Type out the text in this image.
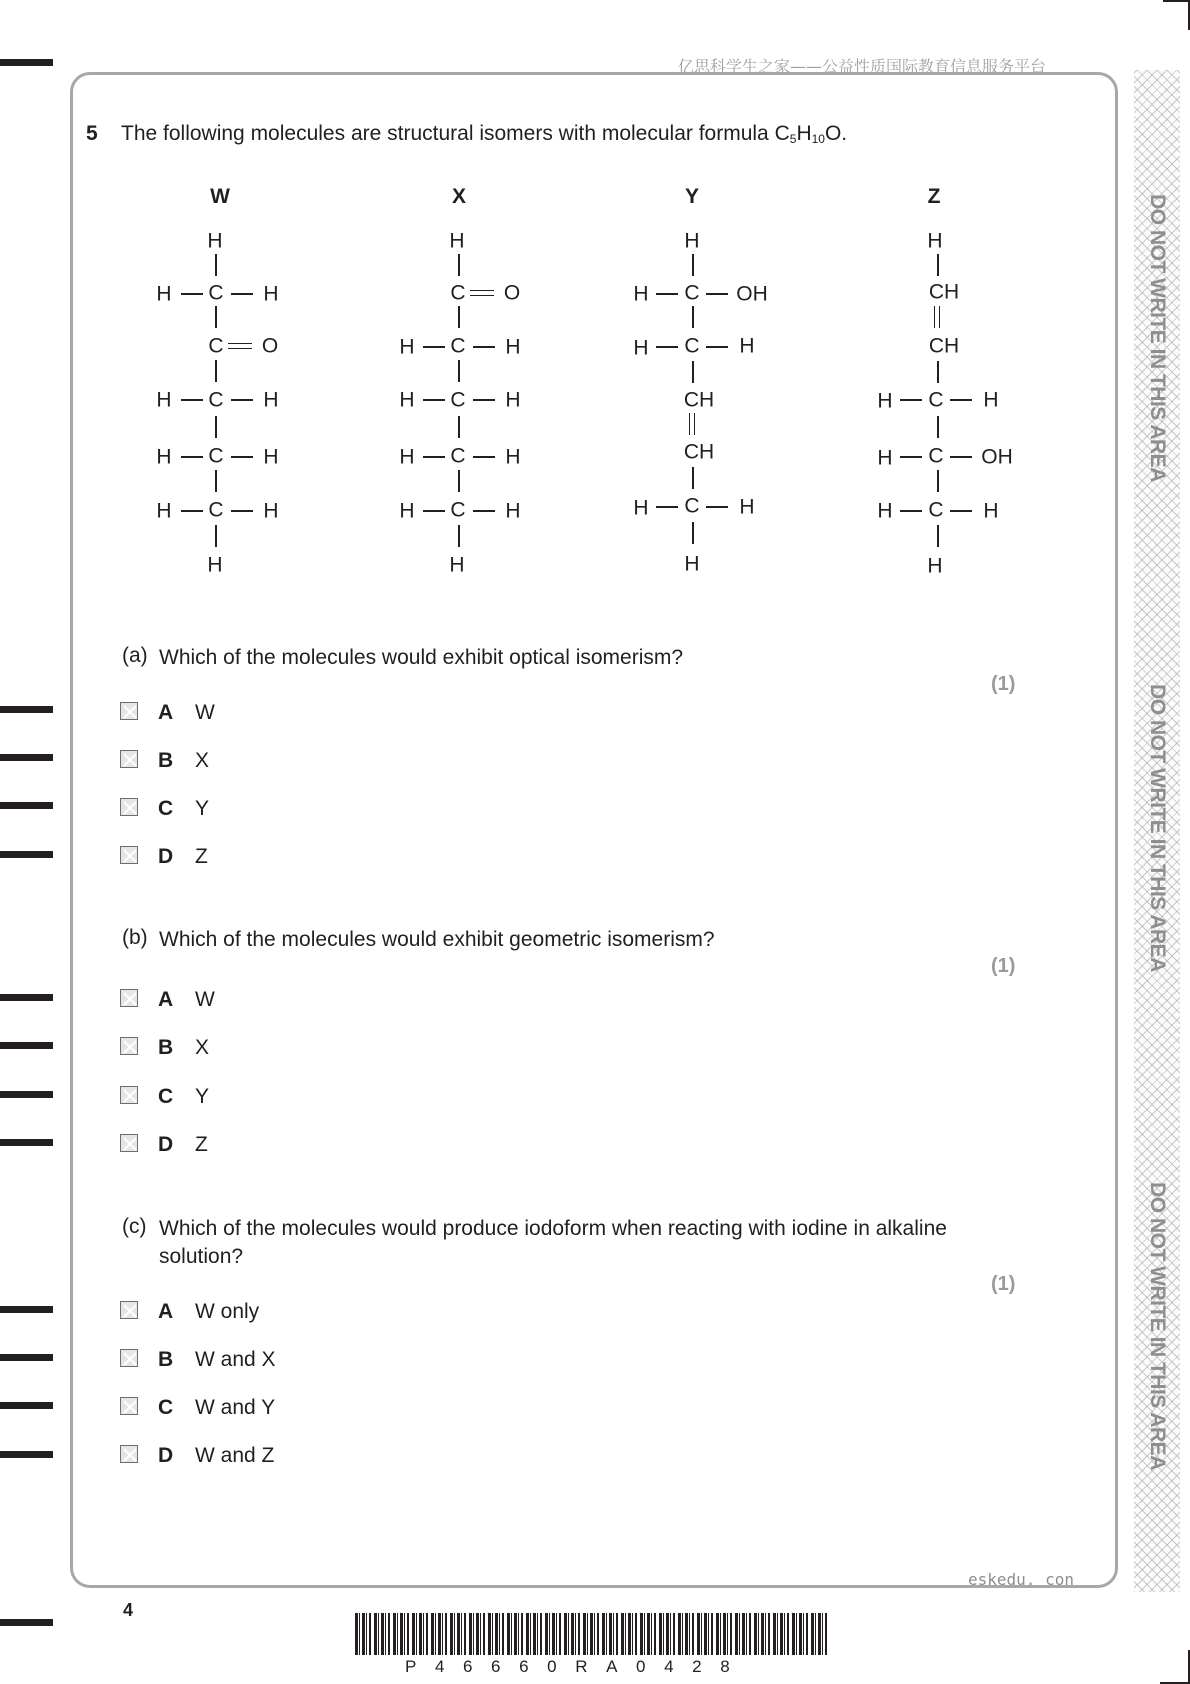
亿思科学生之家——公益性质国际教育信息服务平台
DO NOT WRITE IN THIS AREA
DO NOT WRITE IN THIS AREA
DO NOT WRITE IN THIS AREA
5 The following molecules are structural isomers with molecular formula $C_5H_{10}O$.
W
H
H C H
C O
H C H
H C H
H C H
H
X
H
C O
H C H
H C H
H C H
H C H
H
Y
H
H C OH
H C H
CH
CH
H C H
H
Z
H
CH
CH
H C H
H C OH
H C H
H
(a) Which of the molecules would exhibit optical isomerism?
(1)
A W
B X
C Y
D Z
(b) Which of the molecules would exhibit geometric isomerism?
(1)
A W
B X
C Y
D Z
(c) Which of the molecules would produce iodoform when reacting with iodine in alkaline solution?
(1)
A W only
B W and X
C W and Y
D W and Z
eskedu. con
4
P46660RA0428
